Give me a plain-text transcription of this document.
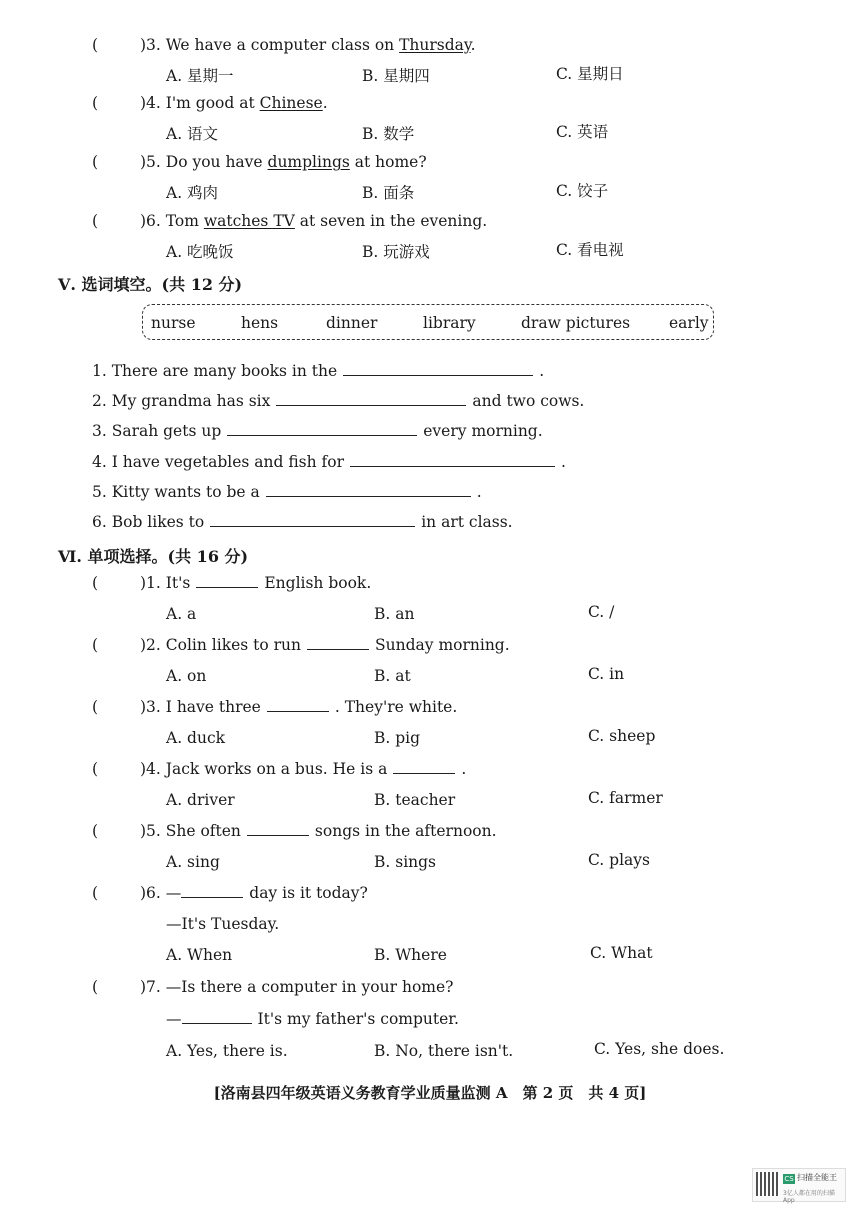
(	)3. We have a computer class on Thursday.
A. 星期一	B. 星期四	C. 星期日
(	)4. I'm good at Chinese.
A. 语文	B. 数学	C. 英语
(	)5. Do you have dumplings at home?
A. 鸡肉	B. 面条	C. 饺子
(	)6. Tom watches TV at seven in the evening.
A. 吃晚饭	B. 玩游戏	C. 看电视
Ⅴ. 选词填空。(共 12 分)
nurse	hens	dinner	library	draw pictures	early
1. There are many books in the	.
2. My grandma has six	and two cows.
3. Sarah gets up	every morning.
4. I have vegetables and fish for	.
5. Kitty wants to be a	.
6. Bob likes to	in art class.
Ⅵ. 单项选择。(共 16 分)
(	)1. It's	English book.
A. a	B. an	C. /
(	)2. Colin likes to run	Sunday morning.
A. on	B. at	C. in
(	)3. I have three	. They're white.
A. duck	B. pig	C. sheep
(	)4. Jack works on a bus. He is a	.
A. driver	B. teacher	C. farmer
(	)5. She often	songs in the afternoon.
A. sing	B. sings	C. plays
(	)6. —	day is it today?
—It's Tuesday.
A. When	B. Where	C. What
(	)7. —Is there a computer in your home?
—	It's my father's computer.
A. Yes, there is.	B. No, there isn't.	C. Yes, she does.
[洛南县四年级英语义务教育学业质量监测 A　第 2 页　共 4 页]
CS 扫描全能王
3亿人都在用的扫描App
